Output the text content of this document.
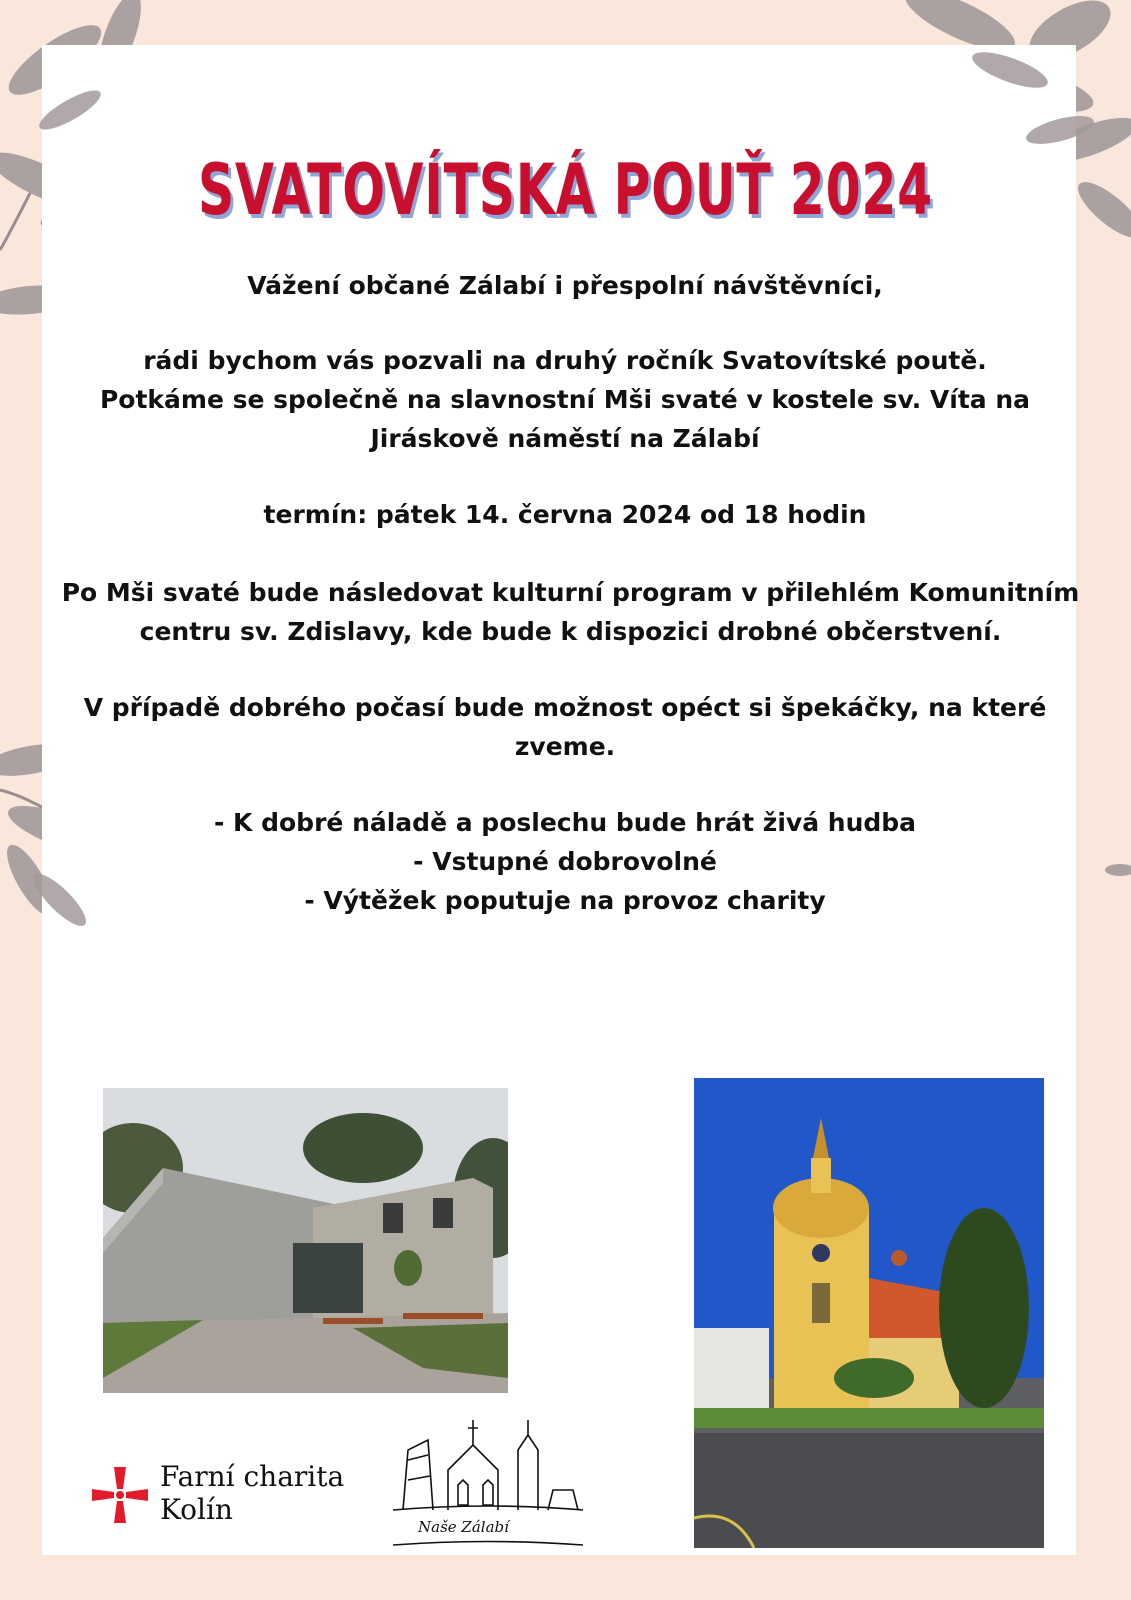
SVATOVÍTSKÁ POUŤ 2024
Vážení občané Zálabí i přespolní návštěvníci,
rádi bychom vás pozvali na druhý ročník Svatovítské poutě.
Potkáme se společně na slavnostní Mši svaté v kostele sv. Víta na
Jiráskově náměstí na Zálabí
termín: pátek 14. června 2024 od 18 hodin
Po Mši svaté bude následovat kulturní program v přilehlém Komunitním
centru sv. Zdislavy, kde bude k dispozici drobné občerstvení.
V případě dobrého počasí bude možnost opéct si špekáčky, na které
zveme.
- K dobré náladě a poslechu bude hrát živá hudba
- Vstupné dobrovolné
- Výtěžek poputuje na provoz charity
Farní charita
Kolín
Naše Zálabí
